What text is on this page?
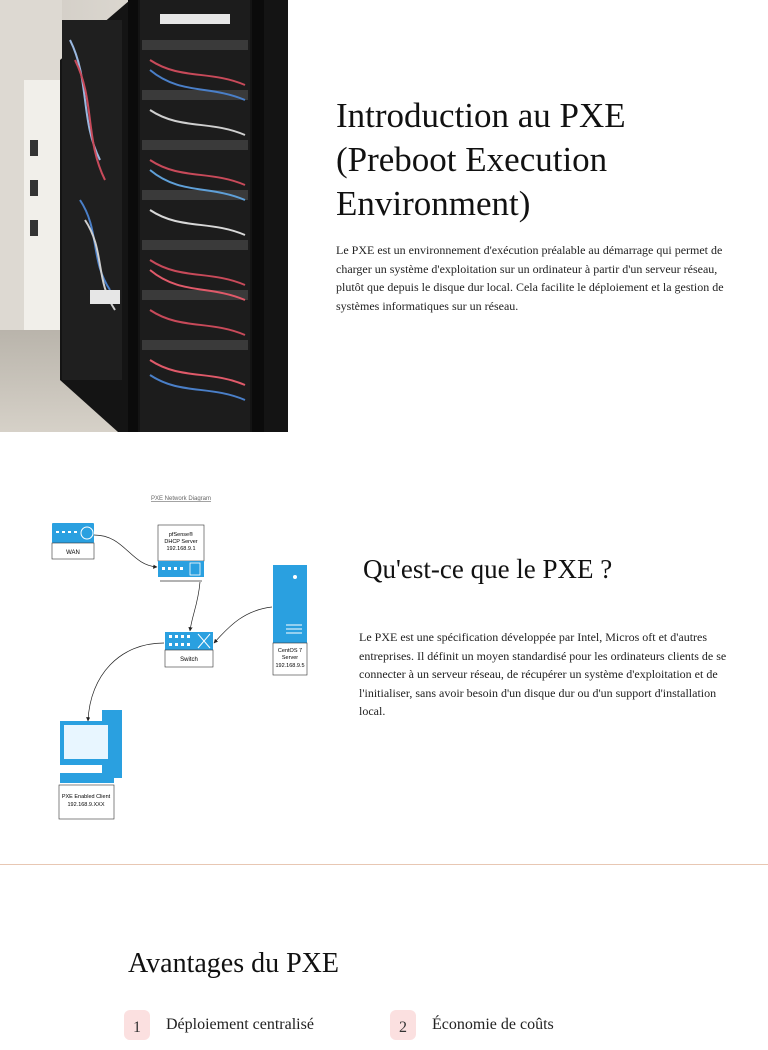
Introduction au PXE (Preboot Execution Environment)

Le PXE est un environnement d'exécution préalable au démarrage qui permet de charger un système d'exploitation sur un ordinateur à partir d'un serveur réseau, plutôt que depuis le disque dur local. Cela facilite le déploiement et la gestion de systèmes informatiques sur un réseau.

PXE Network Diagram
WAN
pfSense®
DHCP Server
192.168.9.1
Switch
CentOS 7
Server
192.168.9.5
PXE Enabled Client
192.168.9.XXX
Qu'est-ce que le PXE ?

Le PXE est une spécification développée par Intel, Micros oft et d'autres entreprises. Il définit un moyen standardisé pour les ordinateurs clients de se connecter à un serveur réseau, de récupérer un système d'exploitation et de l'initialiser, sans avoir besoin d'un disque dur ou d'un support d'installation local.

Avantages du PXE
1	Déploiement centralisé	2	Économie de coûts
